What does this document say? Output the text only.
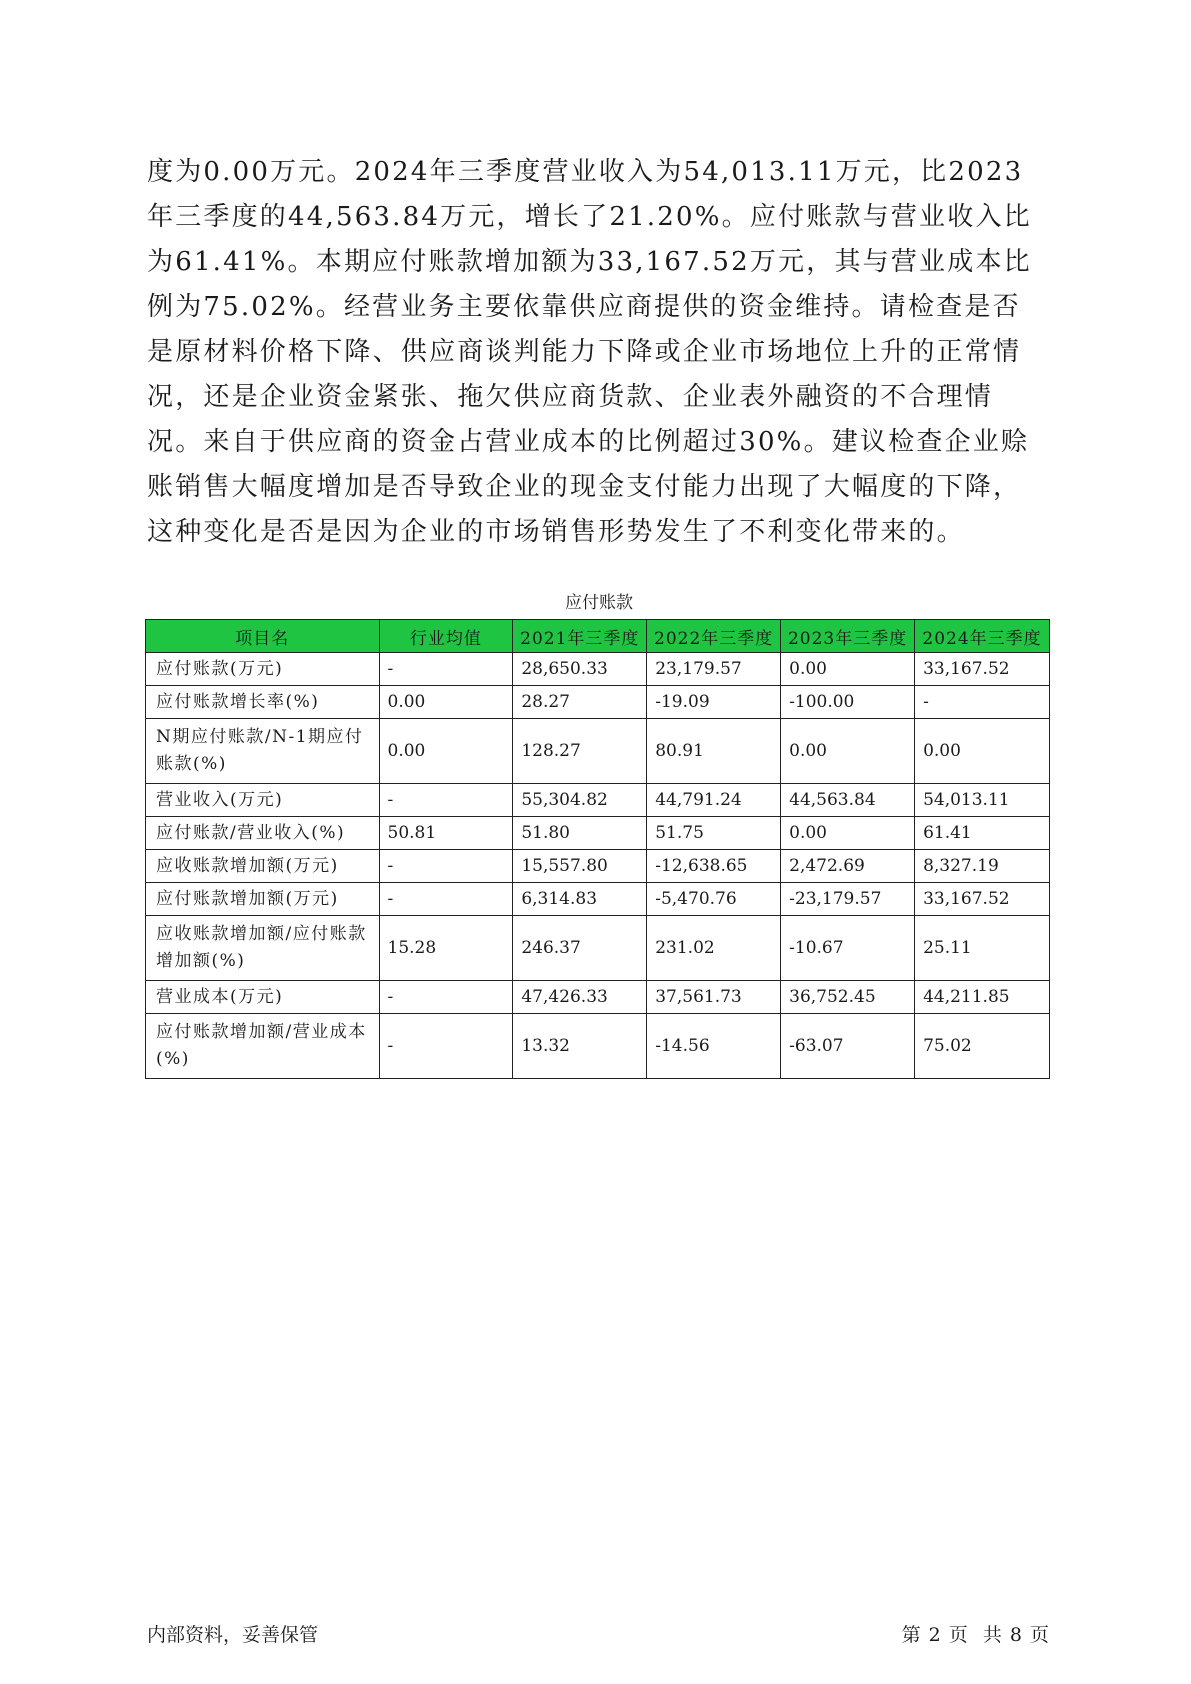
度为0.00万元。2024年三季度营业收入为54,013.11万元，比2023年三季度的44,563.84万元，增长了21.20%。应付账款与营业收入比为61.41%。本期应付账款增加额为33,167.52万元，其与营业成本比例为75.02%。经营业务主要依靠供应商提供的资金维持。请检查是否是原材料价格下降、供应商谈判能力下降或企业市场地位上升的正常情况，还是企业资金紧张、拖欠供应商货款、企业表外融资的不合理情况。来自于供应商的资金占营业成本的比例超过30%。建议检查企业赊账销售大幅度增加是否导致企业的现金支付能力出现了大幅度的下降，这种变化是否是因为企业的市场销售形势发生了不利变化带来的。

应付账款
项目名	行业均值	2021年三季度	2022年三季度	2023年三季度	2024年三季度
应付账款(万元)	-	28,650.33	23,179.57	0.00	33,167.52
应付账款增长率(%)	0.00	28.27	-19.09	-100.00	-
N期应付账款/N-1期应付账款(%)	0.00	128.27	80.91	0.00	0.00
营业收入(万元)	-	55,304.82	44,791.24	44,563.84	54,013.11
应付账款/营业收入(%)	50.81	51.80	51.75	0.00	61.41
应收账款增加额(万元)	-	15,557.80	-12,638.65	2,472.69	8,327.19
应付账款增加额(万元)	-	6,314.83	-5,470.76	-23,179.57	33,167.52
应收账款增加额/应付账款增加额(%)	15.28	246.37	231.02	-10.67	25.11
营业成本(万元)	-	47,426.33	37,561.73	36,752.45	44,211.85
应付账款增加额/营业成本(%)	-	13.32	-14.56	-63.07	75.02
内部资料，妥善保管	第 2 页  共 8 页
